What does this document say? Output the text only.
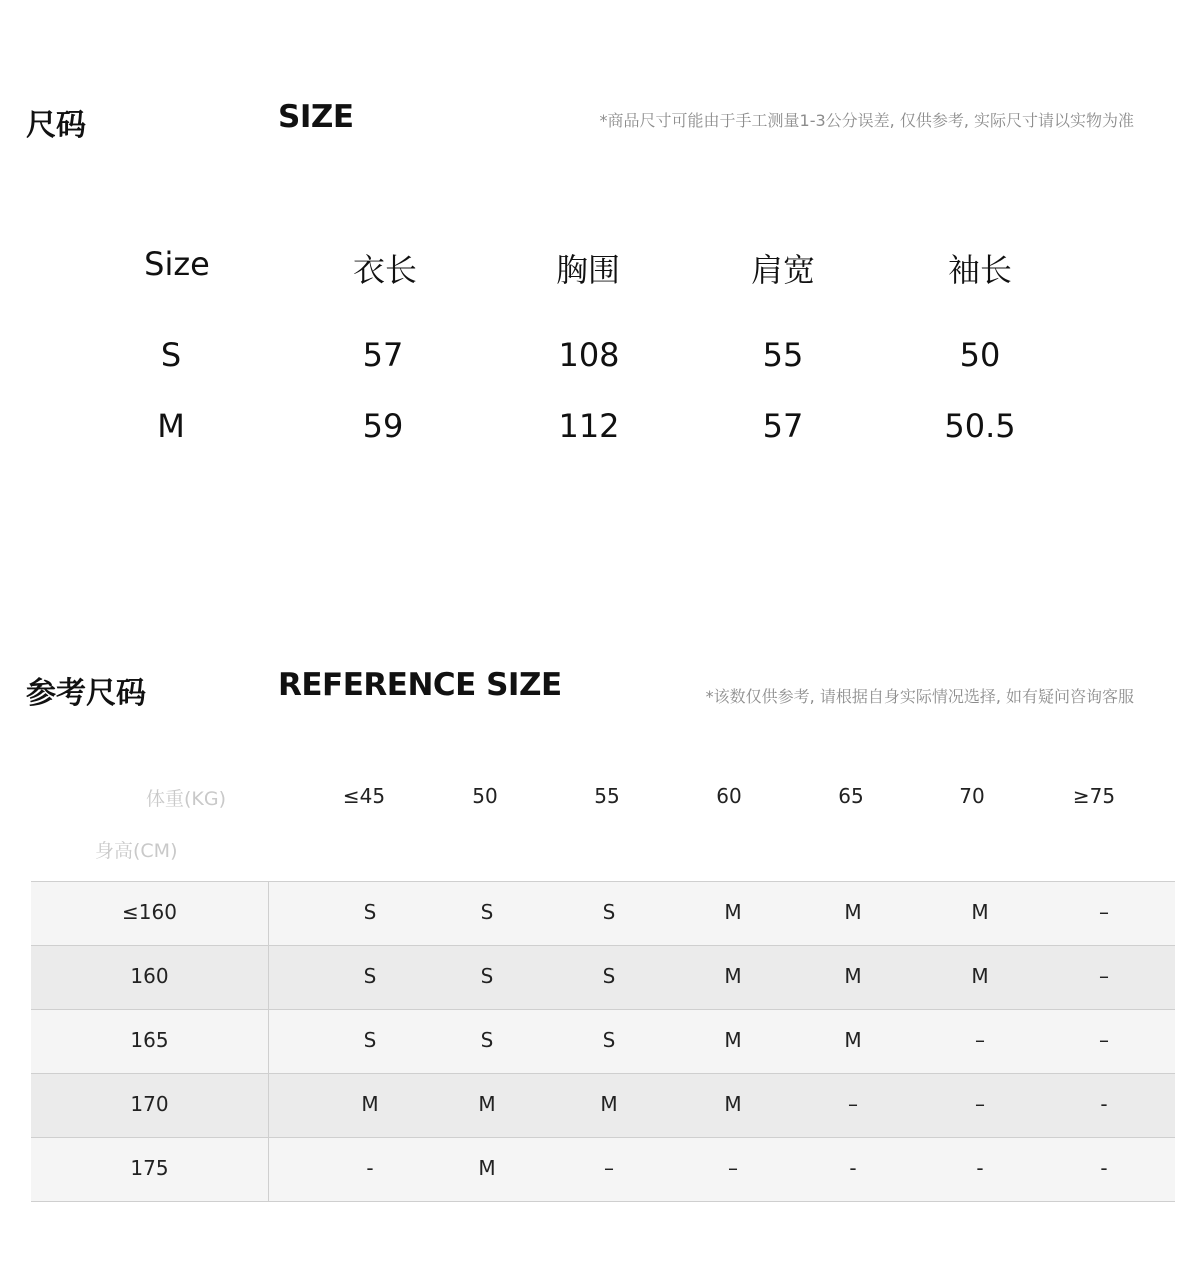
尺码	SIZE	*商品尺寸可能由于手工测量1-3公分误差, 仅供参考, 实际尺寸请以实物为准
Size	衣长	胸围	肩宽	袖长
S	57	108	55	50
M	59	112	57	50.5
参考尺码	REFERENCE SIZE	*该数仅供参考, 请根据自身实际情况选择, 如有疑问咨询客服
体重(KG)
身高(CM)
≤45	50	55	60	65	70	≥75
≤160	S	S	S	M	M	M	–
160	S	S	S	M	M	M	–
165	S	S	S	M	M	–	–
170	M	M	M	M	–	–	-
175	-	M	–	–	-	-	-
